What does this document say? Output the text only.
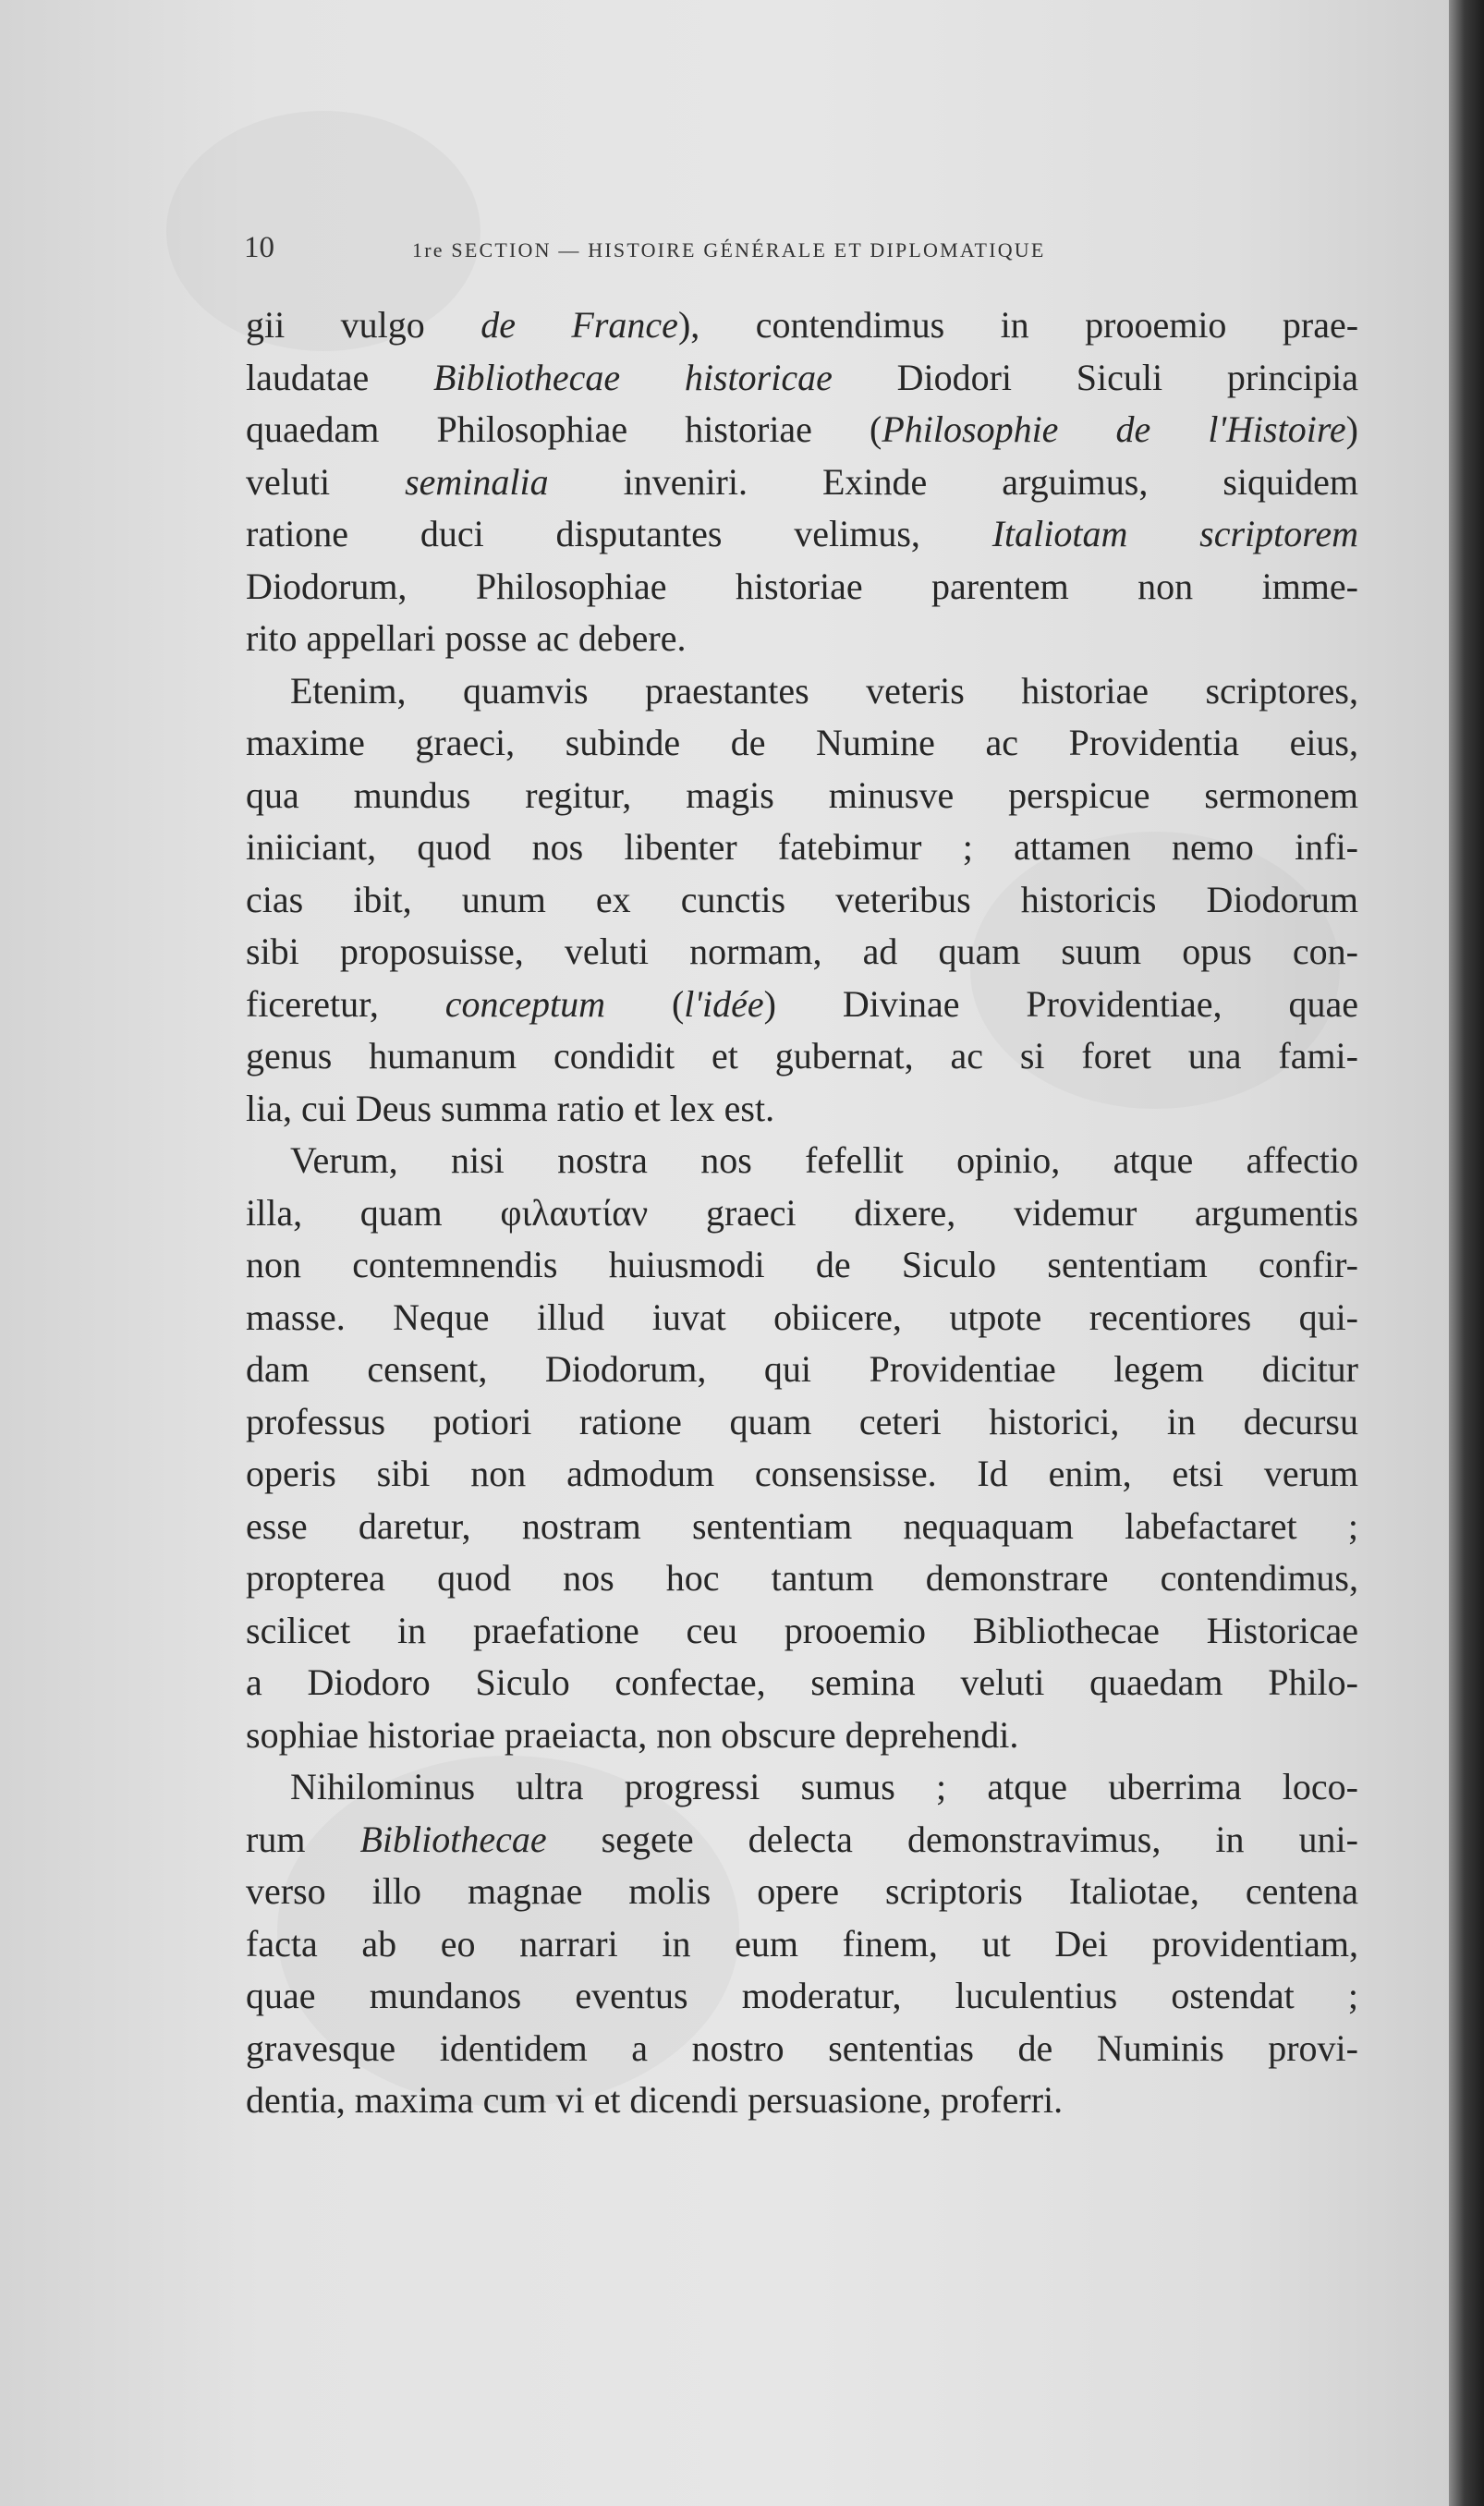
10	1re SECTION — HISTOIRE GÉNÉRALE ET DIPLOMATIQUE
gii vulgo de France), contendimus in prooemio prae-
laudatae Bibliothecae historicae Diodori Siculi principia
quaedam Philosophiae historiae (Philosophie de l'Histoire)
veluti seminalia inveniri. Exinde arguimus, siquidem
ratione duci disputantes velimus, Italiotam scriptorem
Diodorum, Philosophiae historiae parentem non imme-
rito appellari posse ac debere.
Etenim, quamvis praestantes veteris historiae scriptores,
maxime graeci, subinde de Numine ac Providentia eius,
qua mundus regitur, magis minusve perspicue sermonem
iniiciant, quod nos libenter fatebimur ; attamen nemo infi-
cias ibit, unum ex cunctis veteribus historicis Diodorum
sibi proposuisse, veluti normam, ad quam suum opus con-
ficeretur, conceptum (l'idée) Divinae Providentiae, quae
genus humanum condidit et gubernat, ac si foret una fami-
lia, cui Deus summa ratio et lex est.
Verum, nisi nostra nos fefellit opinio, atque affectio
illa, quam φιλαυτίαν graeci dixere, videmur argumentis
non contemnendis huiusmodi de Siculo sententiam confir-
masse. Neque illud iuvat obiicere, utpote recentiores qui-
dam censent, Diodorum, qui Providentiae legem dicitur
professus potiori ratione quam ceteri historici, in decursu
operis sibi non admodum consensisse. Id enim, etsi verum
esse daretur, nostram sententiam nequaquam labefactaret ;
propterea quod nos hoc tantum demonstrare contendimus,
scilicet in praefatione ceu prooemio Bibliothecae Historicae
a Diodoro Siculo confectae, semina veluti quaedam Philo-
sophiae historiae praeiacta, non obscure deprehendi.
Nihilominus ultra progressi sumus ; atque uberrima loco-
rum Bibliothecae segete delecta demonstravimus, in uni-
verso illo magnae molis opere scriptoris Italiotae, centena
facta ab eo narrari in eum finem, ut Dei providentiam,
quae mundanos eventus moderatur, luculentius ostendat ;
gravesque identidem a nostro sententias de Numinis provi-
dentia, maxima cum vi et dicendi persuasione, proferri.
